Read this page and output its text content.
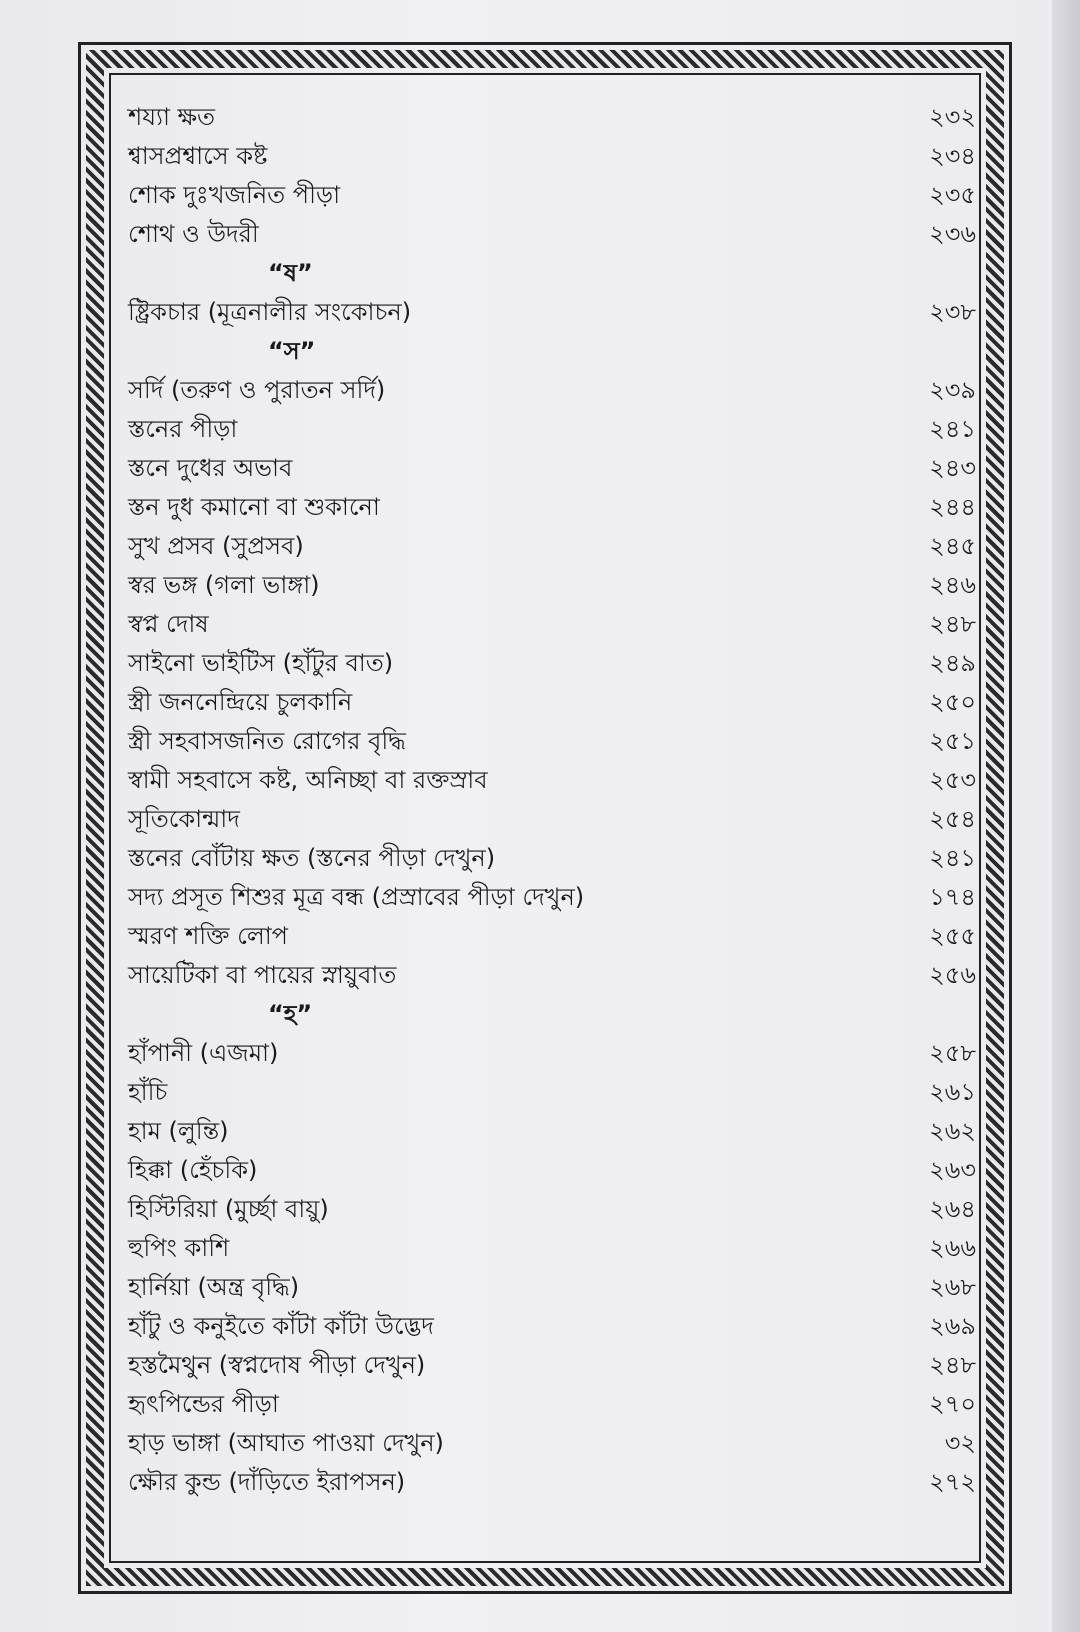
শয্যা ক্ষত	২৩২
শ্বাসপ্রশ্বাসে কষ্ট	২৩৪
শোক দুঃখজনিত পীড়া	২৩৫
শোথ ও উদরী	২৩৬
“ষ”
ষ্ট্রিকচার (মূত্রনালীর সংকোচন)	২৩৮
“স”
সর্দি (তরুণ ও পুরাতন সর্দি)	২৩৯
স্তনের পীড়া	২৪১
স্তনে দুধের অভাব	২৪৩
স্তন দুধ কমানো বা শুকানো	২৪৪
সুখ প্রসব (সুপ্রসব)	২৪৫
স্বর ভঙ্গ (গলা ভাঙ্গা)	২৪৬
স্বপ্ন দোষ	২৪৮
সাইনো ভাইটিস (হাঁটুর বাত)	২৪৯
স্ত্রী জননেন্দ্রিয়ে চুলকানি	২৫০
স্ত্রী সহবাসজনিত রোগের বৃদ্ধি	২৫১
স্বামী সহবাসে কষ্ট, অনিচ্ছা বা রক্তস্রাব	২৫৩
সূতিকোন্মাদ	২৫৪
স্তনের বোঁটায় ক্ষত (স্তনের পীড়া দেখুন)	২৪১
সদ্য প্রসূত শিশুর মূত্র বন্ধ (প্রস্রাবের পীড়া দেখুন)	১৭৪
স্মরণ শক্তি লোপ	২৫৫
সায়েটিকা বা পায়ের স্নায়ুবাত	২৫৬
“হ”
হাঁপানী (এজমা)	২৫৮
হাঁচি	২৬১
হাম (লুন্তি)	২৬২
হিক্কা (হেঁচকি)	২৬৩
হিস্টিরিয়া (মুর্চ্ছা বায়ু)	২৬৪
হুপিং কাশি	২৬৬
হার্নিয়া (অন্ত্র বৃদ্ধি)	২৬৮
হাঁটু ও কনুইতে কাঁটা কাঁটা উদ্ভেদ	২৬৯
হস্তমৈথুন (স্বপ্নদোষ পীড়া দেখুন)	২৪৮
হৃৎপিন্ডের পীড়া	২৭০
হাড় ভাঙ্গা (আঘাত পাওয়া দেখুন)	৩২
ক্ষৌর কুন্ড (দাঁড়িতে ইরাপসন)	২৭২
